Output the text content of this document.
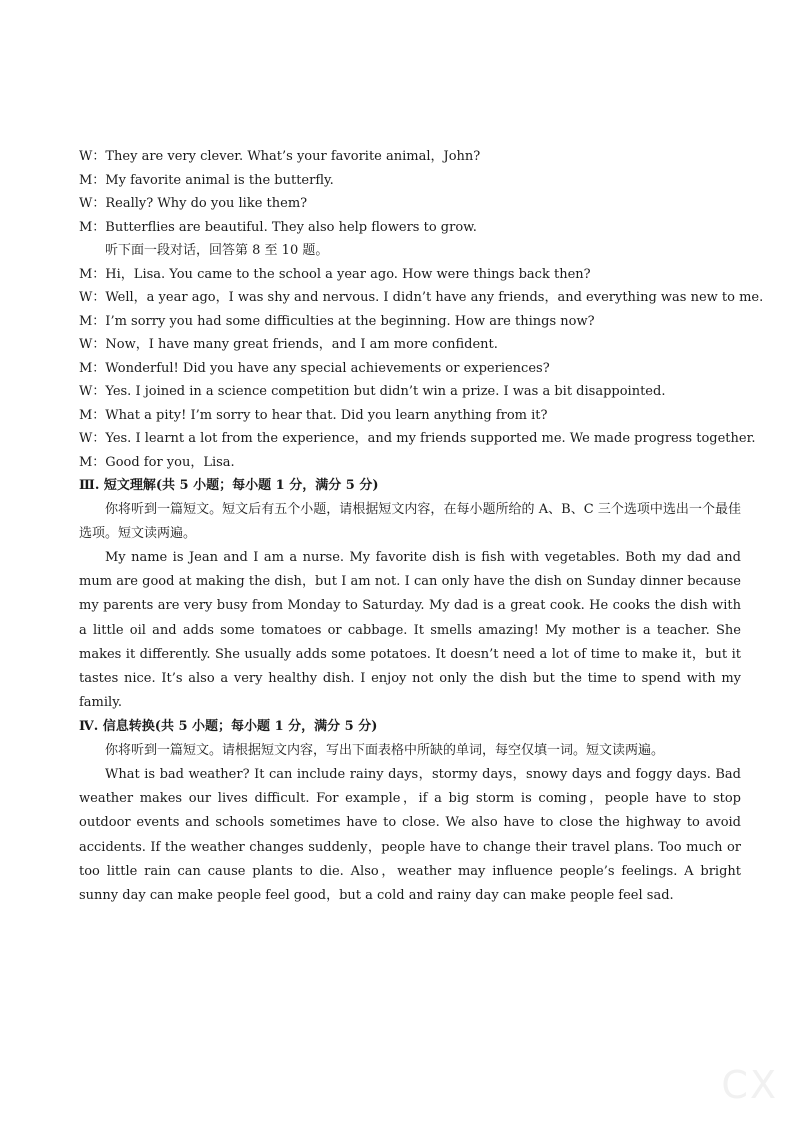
W：They are very clever. What’s your favorite animal，John?
M：My favorite animal is the butterfly.
W：Really? Why do you like them?
M：Butterflies are beautiful. They also help flowers to grow.
听下面一段对话，回答第 8 至 10 题。
M：Hi，Lisa. You came to the school a year ago. How were things back then?
W：Well，a year ago，I was shy and nervous. I didn’t have any friends，and everything was new to me.
M：I’m sorry you had some difficulties at the beginning. How are things now?
W：Now，I have many great friends，and I am more confident.
M：Wonderful! Did you have any special achievements or experiences?
W：Yes. I joined in a science competition but didn’t win a prize. I was a bit disappointed.
M：What a pity! I’m sorry to hear that. Did you learn anything from it?
W：Yes. I learnt a lot from the experience，and my friends supported me. We made progress together.
M：Good for you，Lisa.
Ⅲ. 短文理解(共 5 小题；每小题 1 分，满分 5 分)

你将听到一篇短文。短文后有五个小题，请根据短文内容，在每小题所给的 A、B、C 三个选项中选出一个最佳选项。短文读两遍。

My name is Jean and I am a nurse. My favorite dish is fish with vegetables. Both my dad and mum are good at making the dish，but I am not. I can only have the dish on Sunday dinner because my parents are very busy from Monday to Saturday. My dad is a great cook. He cooks the dish with a little oil and adds some tomatoes or cabbage. It smells amazing! My mother is a teacher. She makes it differently. She usually adds some potatoes. It doesn’t need a lot of time to make it，but it tastes nice. It’s also a very healthy dish. I enjoy not only the dish but the time to spend with my family.

Ⅳ. 信息转换(共 5 小题；每小题 1 分，满分 5 分)

你将听到一篇短文。请根据短文内容，写出下面表格中所缺的单词，每空仅填一词。短文读两遍。

What is bad weather? It can include rainy days，stormy days，snowy days and foggy days. Bad weather makes our lives difficult. For example，if a big storm is coming，people have to stop outdoor events and schools sometimes have to close. We also have to close the highway to avoid accidents. If the weather changes suddenly，people have to change their travel plans. Too much or too little rain can cause plants to die. Also，weather may influence people’s feelings. A bright sunny day can make people feel good，but a cold and rainy day can make people feel sad.

CX
